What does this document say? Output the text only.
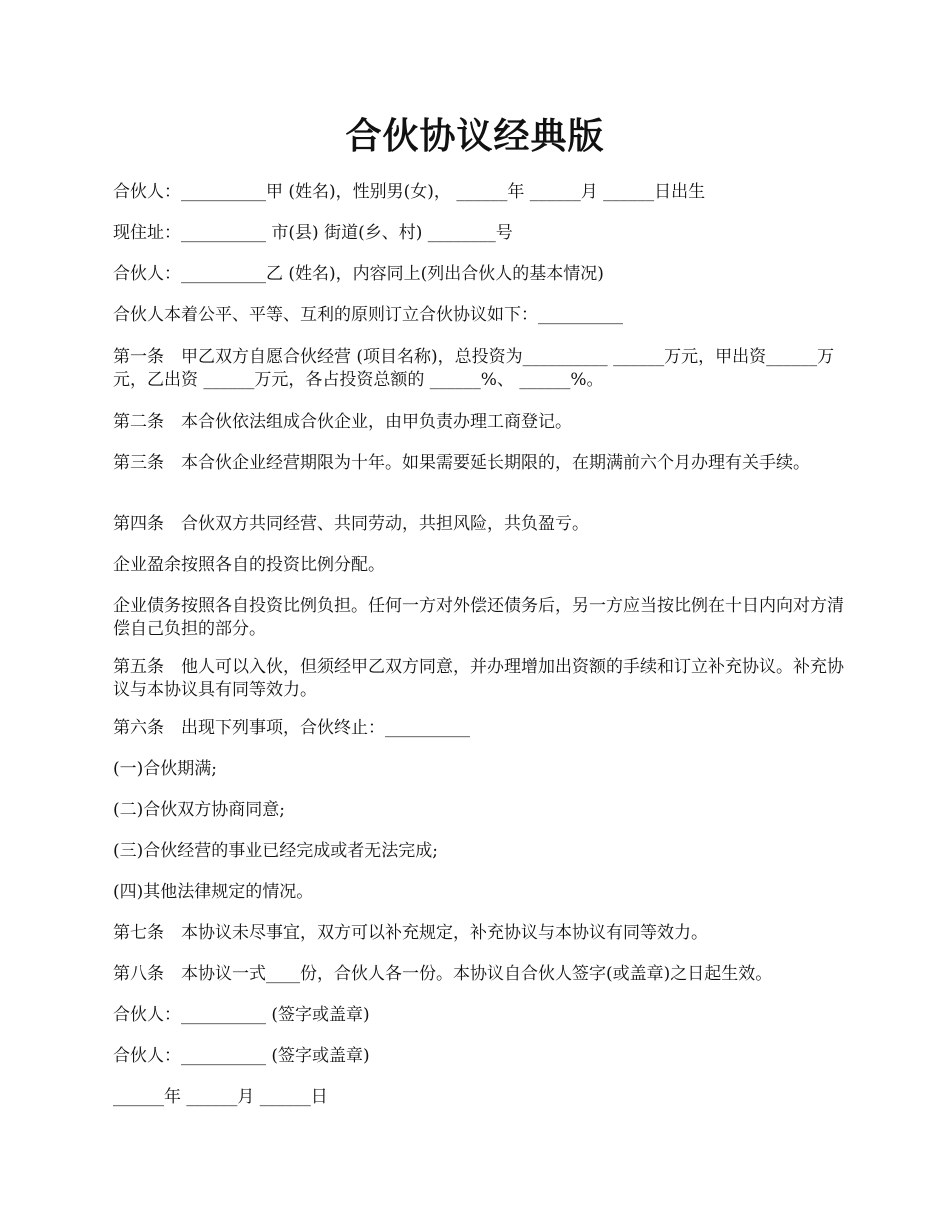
合伙协议经典版

合伙人：__________甲 (姓名)，性别男(女)， ______年 ______月 ______日出生

现住址：__________ 市(县) 街道(乡、村) ________号

合伙人：__________乙 (姓名)，内容同上(列出合伙人的基本情况)

合伙人本着公平、平等、互利的原则订立合伙协议如下：__________

第一条　甲乙双方自愿合伙经营 (项目名称)，总投资为__________ ______万元，甲出资______万元，乙出资 ______万元，各占投资总额的 ______%、 ______%。

第二条　本合伙依法组成合伙企业，由甲负责办理工商登记。

第三条　本合伙企业经营期限为十年。如果需要延长期限的，在期满前六个月办理有关手续。

第四条　合伙双方共同经营、共同劳动，共担风险，共负盈亏。

企业盈余按照各自的投资比例分配。

企业债务按照各自投资比例负担。任何一方对外偿还债务后，另一方应当按比例在十日内向对方清偿自己负担的部分。

第五条　他人可以入伙，但须经甲乙双方同意，并办理增加出资额的手续和订立补充协议。补充协议与本协议具有同等效力。

第六条　出现下列事项，合伙终止：__________

(一)合伙期满;

(二)合伙双方协商同意;

(三)合伙经营的事业已经完成或者无法完成;

(四)其他法律规定的情况。

第七条　本协议未尽事宜，双方可以补充规定，补充协议与本协议有同等效力。

第八条　本协议一式____份，合伙人各一份。本协议自合伙人签字(或盖章)之日起生效。

合伙人：__________ (签字或盖章)

合伙人：__________ (签字或盖章)

______年 ______月 ______日
